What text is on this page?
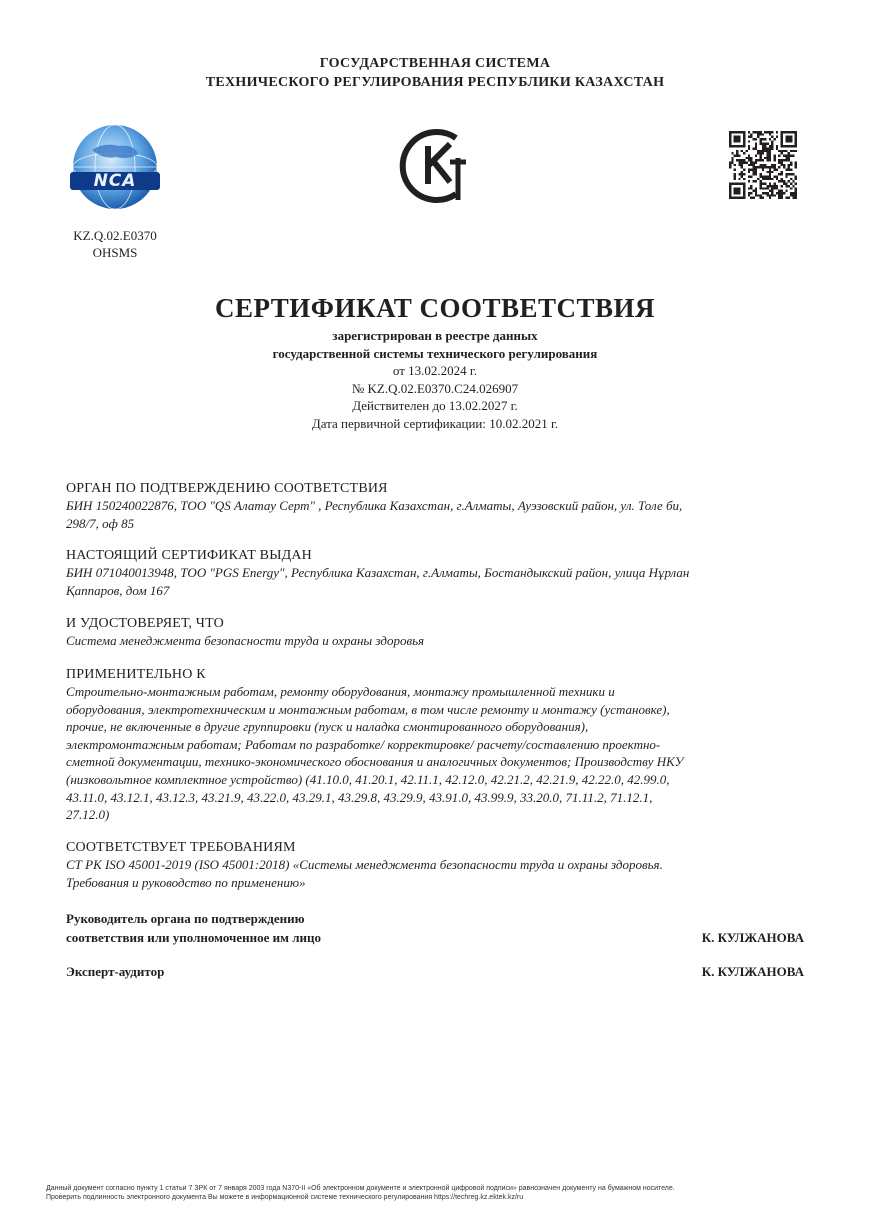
ГОСУДАРСТВЕННАЯ СИСТЕМА
ТЕХНИЧЕСКОГО РЕГУЛИРОВАНИЯ РЕСПУБЛИКИ КАЗАХСТАН
NCA
KZ.Q.02.E0370
OHSMS
СЕРТИФИКАТ СООТВЕТСТВИЯ
зарегистрирован в реестре данных
государственной системы технического регулирования
от 13.02.2024 г.
№ KZ.Q.02.E0370.C24.026907
Действителен до 13.02.2027 г.
Дата первичной сертификации: 10.02.2021 г.
ОРГАН ПО ПОДТВЕРЖДЕНИЮ СООТВЕТСТВИЯ
БИН 150240022876, ТОО "QS Алатау Серт" , Республика Казахстан, г.Алматы, Ауэзовский район, ул. Толе би,
298/7, оф 85
НАСТОЯЩИЙ СЕРТИФИКАТ ВЫДАН
БИН 071040013948, ТОО "PGS Energy", Республика Казахстан, г.Алматы, Бостандыкский район, улица Нұрлан
Қаппаров, дом 167
И УДОСТОВЕРЯЕТ, ЧТО
Система менеджмента безопасности труда и охраны здоровья
ПРИМЕНИТЕЛЬНО К
Строительно-монтажным работам, ремонту оборудования, монтажу промышленной техники и
оборудования, электротехническим и монтажным работам, в том числе ремонту и монтажу (установке),
прочие, не включенные в другие группировки (пуск и наладка смонтированного оборудования),
электромонтажным работам; Работам по разработке/ корректировке/ расчету/составлению проектно-
сметной документации, технико-экономического обоснования и аналогичных документов; Производству НКУ
(низковольтное комплектное устройство) (41.10.0, 41.20.1, 42.11.1, 42.12.0, 42.21.2, 42.21.9, 42.22.0, 42.99.0,
43.11.0, 43.12.1, 43.12.3, 43.21.9, 43.22.0, 43.29.1, 43.29.8, 43.29.9, 43.91.0, 43.99.9, 33.20.0, 71.11.2, 71.12.1,
27.12.0)
СООТВЕТСТВУЕТ ТРЕБОВАНИЯМ
СТ РК ISO 45001-2019 (ISO 45001:2018) «Системы менеджмента безопасности труда и охраны здоровья.
Требования и руководство по применению»
Руководитель органа по подтверждению
соответствия или уполномоченное им лицо	К. КУЛЖАНОВА
Эксперт-аудитор	К. КУЛЖАНОВА
Данный документ согласно пункту 1 статьи 7 ЗРК от 7 января 2003 года N370-II «Об электронном документе и электронной цифровой подписи» равнозначен документу на бумажном носителе.
Проверить подлинность электронного документа Вы можете в информационной системе технического регулирования https://techreg.kz.ektek.kz/ru
